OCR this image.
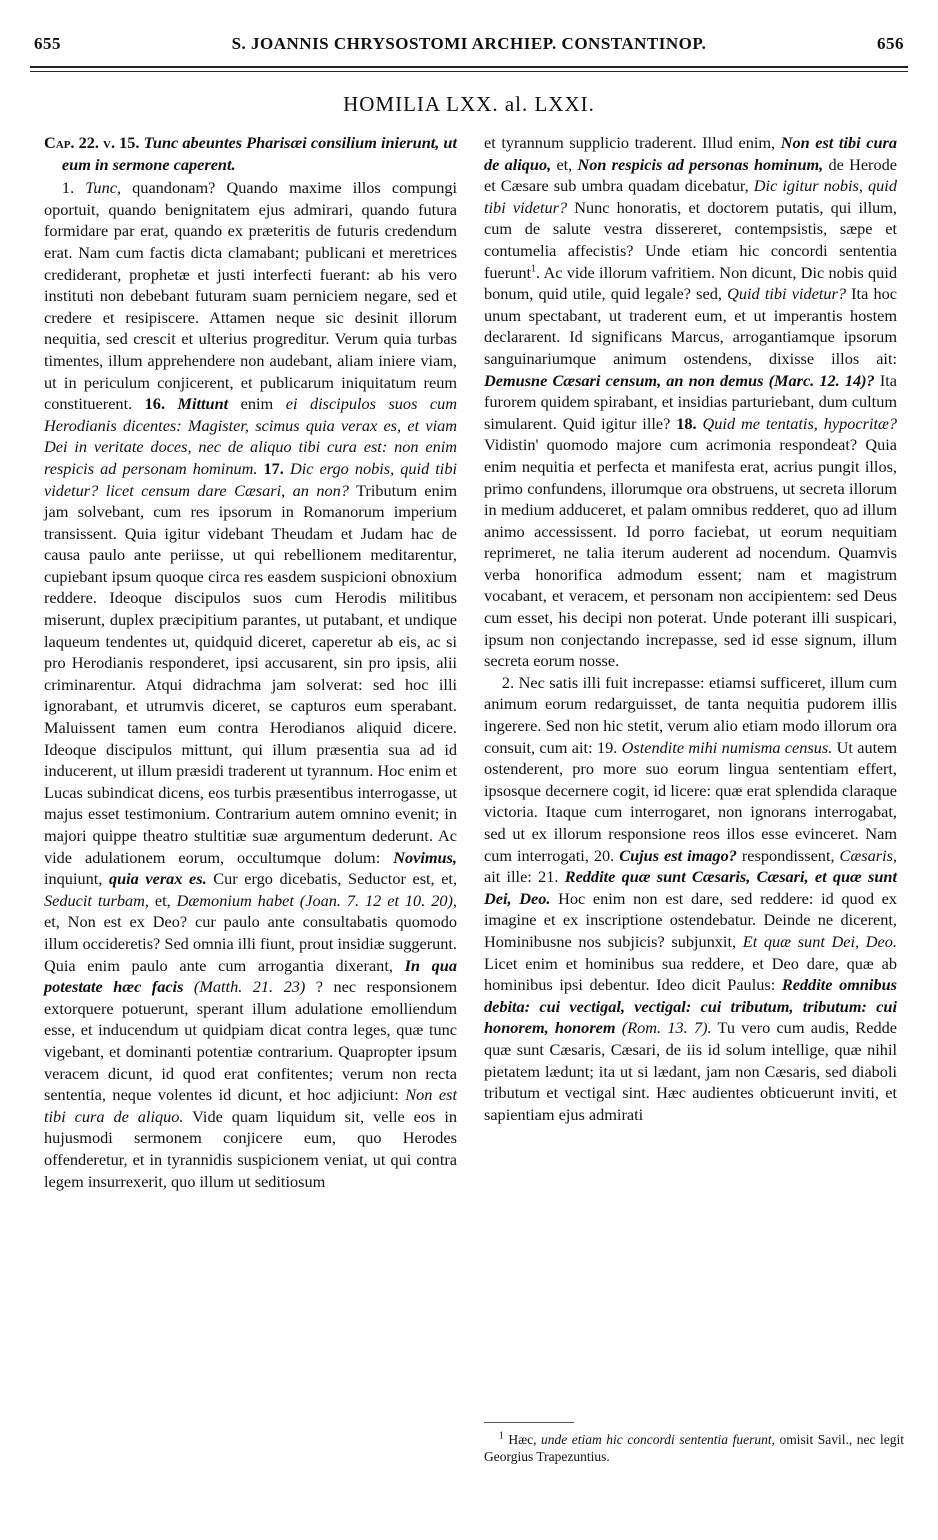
655	S. JOANNIS CHRYSOSTOMI ARCHIEP. CONSTANTINOP.	656
HOMILIA LXX. al. LXXI.

Cap. 22. v. 15. Tunc abeuntes Pharisæi consilium inierunt, ut eum in sermone caperent.

1. Tunc, quandonam? Quando maxime illos compungi oportuit, quando benignitatem ejus admirari, quando futura formidare par erat, quando ex præteritis de futuris credendum erat. Nam cum factis dicta clamabant; publicani et meretrices crediderant, prophetæ et justi interfecti fuerant: ab his vero instituti non debebant futuram suam perniciem negare, sed et credere et resipiscere. Attamen neque sic desinit illorum nequitia, sed crescit et ulterius progreditur. Verum quia turbas timentes, illum apprehendere non audebant, aliam iniere viam, ut in periculum conjicerent, et publicarum iniquitatum reum constituerent. 16. Mittunt enim ei discipulos suos cum Herodianis dicentes: Magister, scimus quia verax es, et viam Dei in veritate doces, nec de aliquo tibi cura est: non enim respicis ad personam hominum. 17. Dic ergo nobis, quid tibi videtur? licet censum dare Cæsari, an non? Tributum enim jam solvebant, cum res ipsorum in Romanorum imperium transissent. Quia igitur videbant Theudam et Judam hac de causa paulo ante periisse, ut qui rebellionem meditarentur, cupiebant ipsum quoque circa res easdem suspicioni obnoxium reddere. Ideoque discipulos suos cum Herodis militibus miserunt, duplex præcipitium parantes, ut putabant, et undique laqueum tendentes ut, quidquid diceret, caperetur ab eis, ac si pro Herodianis responderet, ipsi accusarent, sin pro ipsis, alii criminarentur. Atqui didrachma jam solverat: sed hoc illi ignorabant, et utrumvis diceret, se capturos eum sperabant. Maluissent tamen eum contra Herodianos aliquid dicere. Ideoque discipulos mittunt, qui illum præsentia sua ad id inducerent, ut illum præsidi traderent ut tyrannum. Hoc enim et Lucas subindicat dicens, eos turbis præsentibus interrogasse, ut majus esset testimonium. Contrarium autem omnino evenit; in majori quippe theatro stultitiæ suæ argumentum dederunt. Ac vide adulationem eorum, occultumque dolum: Novimus, inquiunt, quia verax es. Cur ergo dicebatis, Seductor est, et, Seducit turbam, et, Dæmonium habet (Joan. 7. 12 et 10. 20), et, Non est ex Deo? cur paulo ante consultabatis quomodo illum occideretis? Sed omnia illi fiunt, prout insidiæ suggerunt. Quia enim paulo ante cum arrogantia dixerant, In qua potestate hæc facis (Matth. 21. 23) ? nec responsionem extorquere potuerunt, sperant illum adulatione emolliendum esse, et inducendum ut quidpiam dicat contra leges, quæ tunc vigebant, et dominanti potentiæ contrarium. Quapropter ipsum veracem dicunt, id quod erat confitentes; verum non recta sententia, neque volentes id dicunt, et hoc adjiciunt: Non est tibi cura de aliquo. Vide quam liquidum sit, velle eos in hujusmodi sermonem conjicere eum, quo Herodes offenderetur, et in tyrannidis suspicionem veniat, ut qui contra legem insurrexerit, quo illum ut seditiosum

et tyrannum supplicio traderent. Illud enim, Non est tibi cura de aliquo, et, Non respicis ad personas hominum, de Herode et Cæsare sub umbra quadam dicebatur, Dic igitur nobis, quid tibi videtur? Nunc honoratis, et doctorem putatis, qui illum, cum de salute vestra dissereret, contempsistis, sæpe et contumelia affecistis? Unde etiam hic concordi sententia fuerunt$^1$. Ac vide illorum vafritiem. Non dicunt, Dic nobis quid bonum, quid utile, quid legale? sed, Quid tibi videtur? Ita hoc unum spectabant, ut traderent eum, et ut imperantis hostem declararent. Id significans Marcus, arrogantiamque ipsorum sanguinariumque animum ostendens, dixisse illos ait: Demusne Cæsari censum, an non demus (Marc. 12. 14)? Ita furorem quidem spirabant, et insidias parturiebant, dum cultum simularent. Quid igitur ille? 18. Quid me tentatis, hypocritæ? Vidistin' quomodo majore cum acrimonia respondeat? Quia enim nequitia et perfecta et manifesta erat, acrius pungit illos, primo confundens, illorumque ora obstruens, ut secreta illorum in medium adduceret, et palam omnibus redderet, quo ad illum animo accessissent. Id porro faciebat, ut eorum nequitiam reprimeret, ne talia iterum auderent ad nocendum. Quamvis verba honorifica admodum essent; nam et magistrum vocabant, et veracem, et personam non accipientem: sed Deus cum esset, his decipi non poterat. Unde poterant illi suspicari, ipsum non conjectando increpasse, sed id esse signum, illum secreta eorum nosse.

2. Nec satis illi fuit increpasse: etiamsi sufficeret, illum cum animum eorum redarguisset, de tanta nequitia pudorem illis ingerere. Sed non hic stetit, verum alio etiam modo illorum ora consuit, cum ait: 19. Ostendite mihi numisma census. Ut autem ostenderent, pro more suo eorum lingua sententiam effert, ipsosque decernere cogit, id licere: quæ erat splendida claraque victoria. Itaque cum interrogaret, non ignorans interrogabat, sed ut ex illorum responsione reos illos esse evinceret. Nam cum interrogati, 20. Cujus est imago? respondissent, Cæsaris, ait ille: 21. Reddite quæ sunt Cæsaris, Cæsari, et quæ sunt Dei, Deo. Hoc enim non est dare, sed reddere: id quod ex imagine et ex inscriptione ostendebatur. Deinde ne dicerent, Hominibusne nos subjicis? subjunxit, Et quæ sunt Dei, Deo. Licet enim et hominibus sua reddere, et Deo dare, quæ ab hominibus ipsi debentur. Ideo dicit Paulus: Reddite omnibus debita: cui vectigal, vectigal: cui tributum, tributum: cui honorem, honorem (Rom. 13. 7). Tu vero cum audis, Redde quæ sunt Cæsaris, Cæsari, de iis id solum intellige, quæ nihil pietatem lædunt; ita ut si lædant, jam non Cæsaris, sed diaboli tributum et vectigal sint. Hæc audientes obticuerunt inviti, et sapientiam ejus admirati

$^1$ Hæc, unde etiam hic concordi sententia fuerunt, omisit Savil., nec legit Georgius Trapezuntius.
